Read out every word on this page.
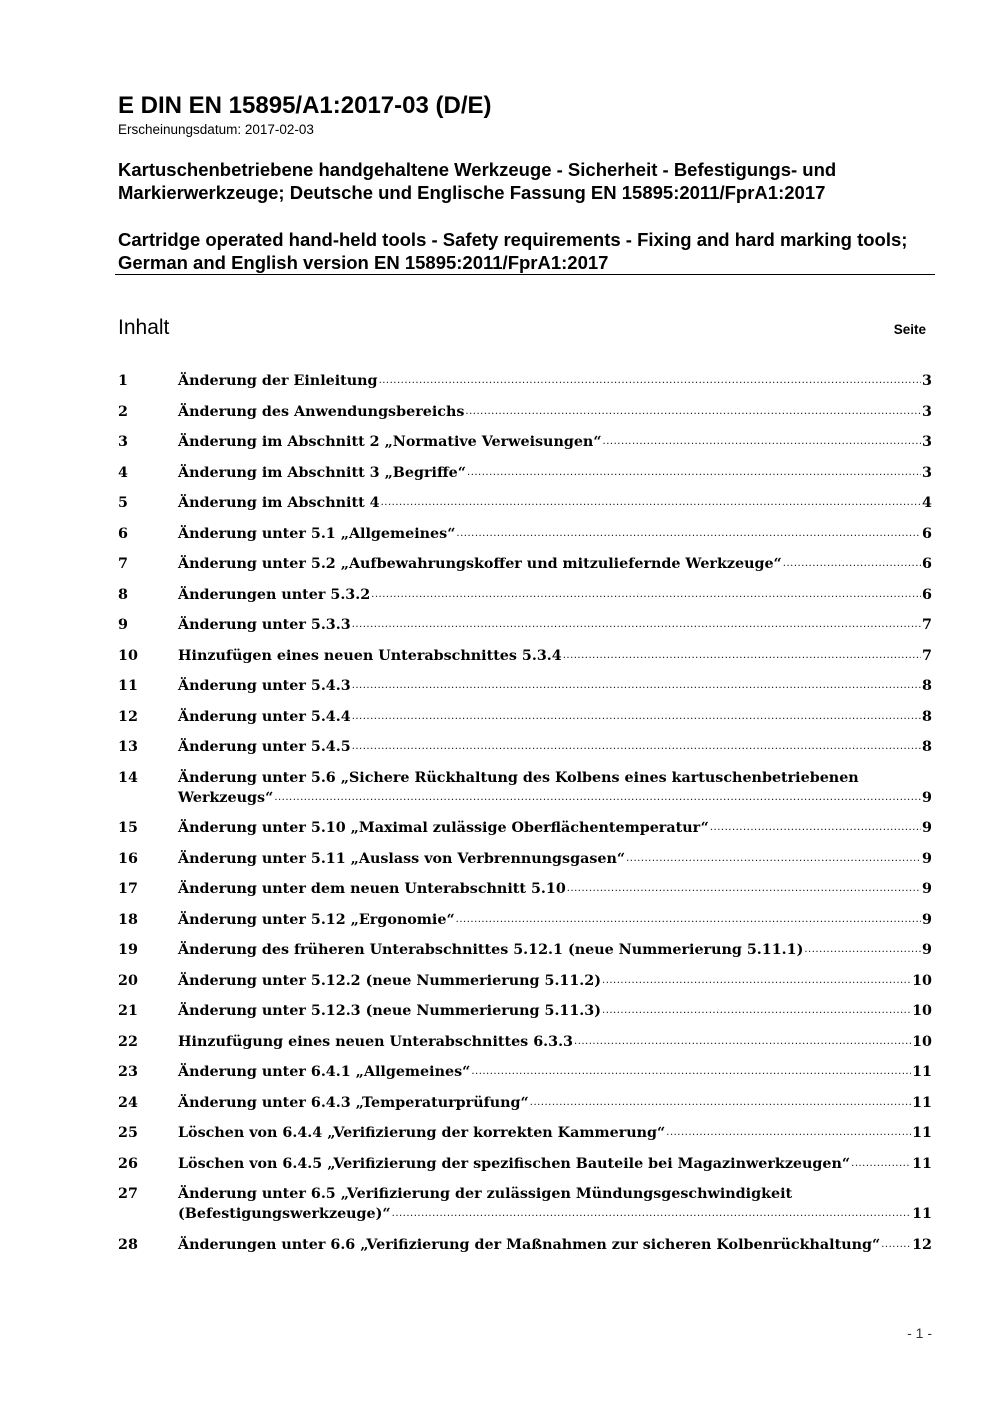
E DIN EN 15895/A1:2017-03 (D/E)
Erscheinungsdatum: 2017-02-03
Kartuschenbetriebene handgehaltene Werkzeuge - Sicherheit - Befestigungs- und Markierwerkzeuge; Deutsche und Englische Fassung EN 15895:2011/FprA1:2017
Cartridge operated hand-held tools - Safety requirements - Fixing and hard marking tools; German and English version EN 15895:2011/FprA1:2017
Inhalt	Seite
1	Änderung der Einleitung .....	3
2	Änderung des Anwendungsbereichs .....	3
3	Änderung im Abschnitt 2 „Normative Verweisungen“ .....	3
4	Änderung im Abschnitt 3 „Begriffe“ .....	3
5	Änderung im Abschnitt 4 .....	4
6	Änderung unter 5.1 „Allgemeines“ .....	6
7	Änderung unter 5.2 „Aufbewahrungskoffer und mitzuliefernde Werkzeuge“ .....	6
8	Änderungen unter 5.3.2 .....	6
9	Änderung unter 5.3.3 .....	7
10	Hinzufügen eines neuen Unterabschnittes 5.3.4 .....	7
11	Änderung unter 5.4.3 .....	8
12	Änderung unter 5.4.4 .....	8
13	Änderung unter 5.4.5 .....	8
14	Änderung unter 5.6 „Sichere Rückhaltung des Kolbens eines kartuschenbetriebenen
Werkzeugs“ .....	9
15	Änderung unter 5.10 „Maximal zulässige Oberflächentemperatur“ .....	9
16	Änderung unter 5.11 „Auslass von Verbrennungsgasen“ .....	9
17	Änderung unter dem neuen Unterabschnitt 5.10 .....	9
18	Änderung unter 5.12 „Ergonomie“ .....	9
19	Änderung des früheren Unterabschnittes 5.12.1 (neue Nummerierung 5.11.1) .....	9
20	Änderung unter 5.12.2 (neue Nummerierung 5.11.2) .....	10
21	Änderung unter 5.12.3 (neue Nummerierung 5.11.3) .....	10
22	Hinzufügung eines neuen Unterabschnittes 6.3.3 .....	10
23	Änderung unter 6.4.1 „Allgemeines“ .....	11
24	Änderung unter 6.4.3 „Temperaturprüfung“ .....	11
25	Löschen von 6.4.4 „Verifizierung der korrekten Kammerung“ .....	11
26	Löschen von 6.4.5 „Verifizierung der spezifischen Bauteile bei Magazinwerkzeugen“ .....	11
27	Änderung unter 6.5 „Verifizierung der zulässigen Mündungsgeschwindigkeit
(Befestigungswerkzeuge)“ .....	11
28	Änderungen unter 6.6 „Verifizierung der Maßnahmen zur sicheren Kolbenrückhaltung“ ..... 12
- 1 -
